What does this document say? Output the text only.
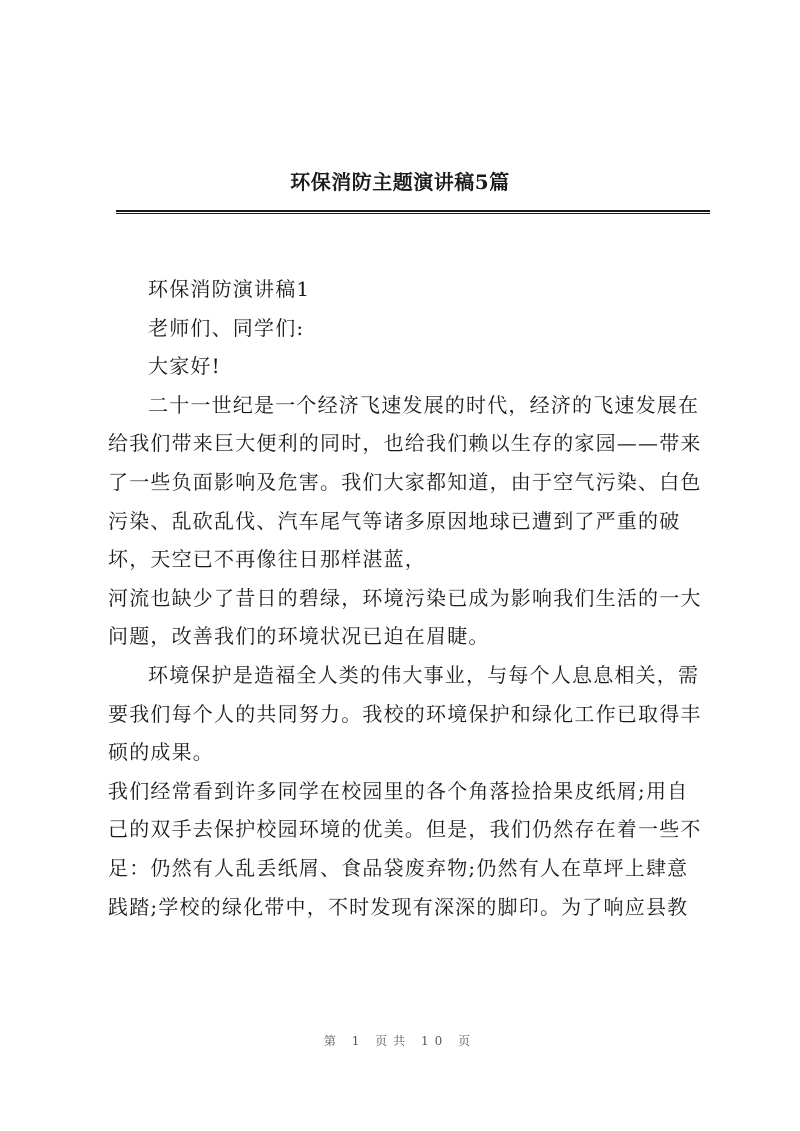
环保消防主题演讲稿5篇

环保消防演讲稿1

老师们、同学们:

大家好!

二十一世纪是一个经济飞速发展的时代，经济的飞速发展在给我们带来巨大便利的同时，也给我们赖以生存的家园——带来了一些负面影响及危害。我们大家都知道，由于空气污染、白色污染、乱砍乱伐、汽车尾气等诸多原因地球已遭到了严重的破坏，天空已不再像往日那样湛蓝，

河流也缺少了昔日的碧绿，环境污染已成为影响我们生活的一大问题，改善我们的环境状况已迫在眉睫。

环境保护是造福全人类的伟大事业，与每个人息息相关，需要我们每个人的共同努力。我校的环境保护和绿化工作已取得丰硕的成果。

我们经常看到许多同学在校园里的各个角落捡拾果皮纸屑;用自己的双手去保护校园环境的优美。但是，我们仍然存在着一些不足：仍然有人乱丢纸屑、食品袋废弃物;仍然有人在草坪上肆意践踏;学校的绿化带中，不时发现有深深的脚印。为了响应县教

第 1 页共 10 页
